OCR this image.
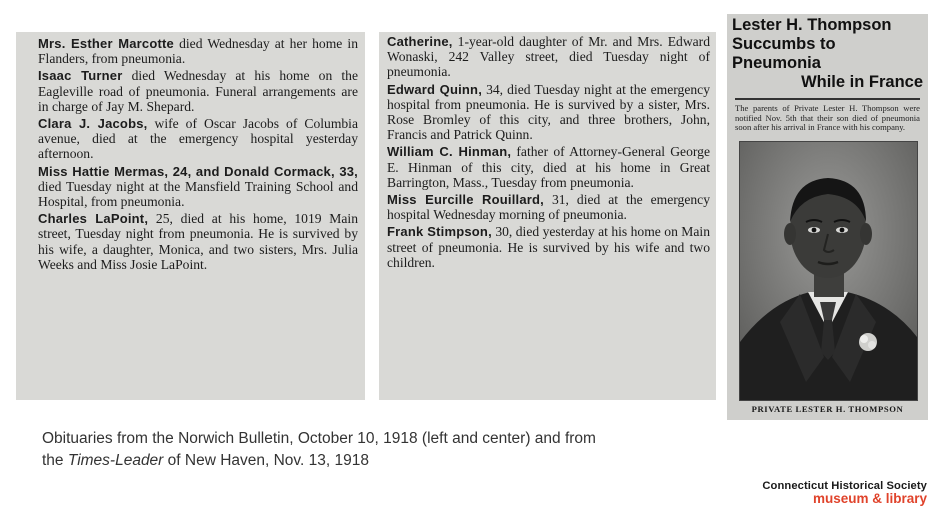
Mrs. Esther Marcotte died Wednesday at her home in Flanders, from pneumonia.

Isaac Turner died Wednesday at his home on the Eagleville road of pneumonia. Funeral arrangements are in charge of Jay M. Shepard.

Clara J. Jacobs, wife of Oscar Jacobs of Columbia avenue, died at the emergency hospital yesterday afternoon.

Miss Hattie Mermas, 24, and Donald Cormack, 33, died Tuesday night at the Mansfield Training School and Hospital, from pneumonia.

Charles LaPoint, 25, died at his home, 1019 Main street, Tuesday night from pneumonia. He is survived by his wife, a daughter, Monica, and two sisters, Mrs. Julia Weeks and Miss Josie LaPoint.

Catherine, 1-year-old daughter of Mr. and Mrs. Edward Wonaski, 242 Valley street, died Tuesday night of pneumonia.

Edward Quinn, 34, died Tuesday night at the emergency hospital from pneumonia. He is survived by a sister, Mrs. Rose Bromley of this city, and three brothers, John, Francis and Patrick Quinn.

William C. Hinman, father of Attorney-General George E. Hinman of this city, died at his home in Great Barrington, Mass., Tuesday from pneumonia.

Miss Eurcille Rouillard, 31, died at the emergency hospital Wednesday morning of pneumonia.

Frank Stimpson, 30, died yesterday at his home on Main street of pneumonia. He is survived by his wife and two children.

Lester H. Thompson
Succumbs to Pneumonia
While in France
The parents of Private Lester H. Thompson were notified Nov. 5th that their son died of pneumonia soon after his arrival in France with his company.
PRIVATE LESTER H. THOMPSON
Obituaries from the Norwich Bulletin, October 10, 1918 (left and center) and from
the Times-Leader of New Haven, Nov. 13, 1918
Connecticut Historical Society
museum & library
